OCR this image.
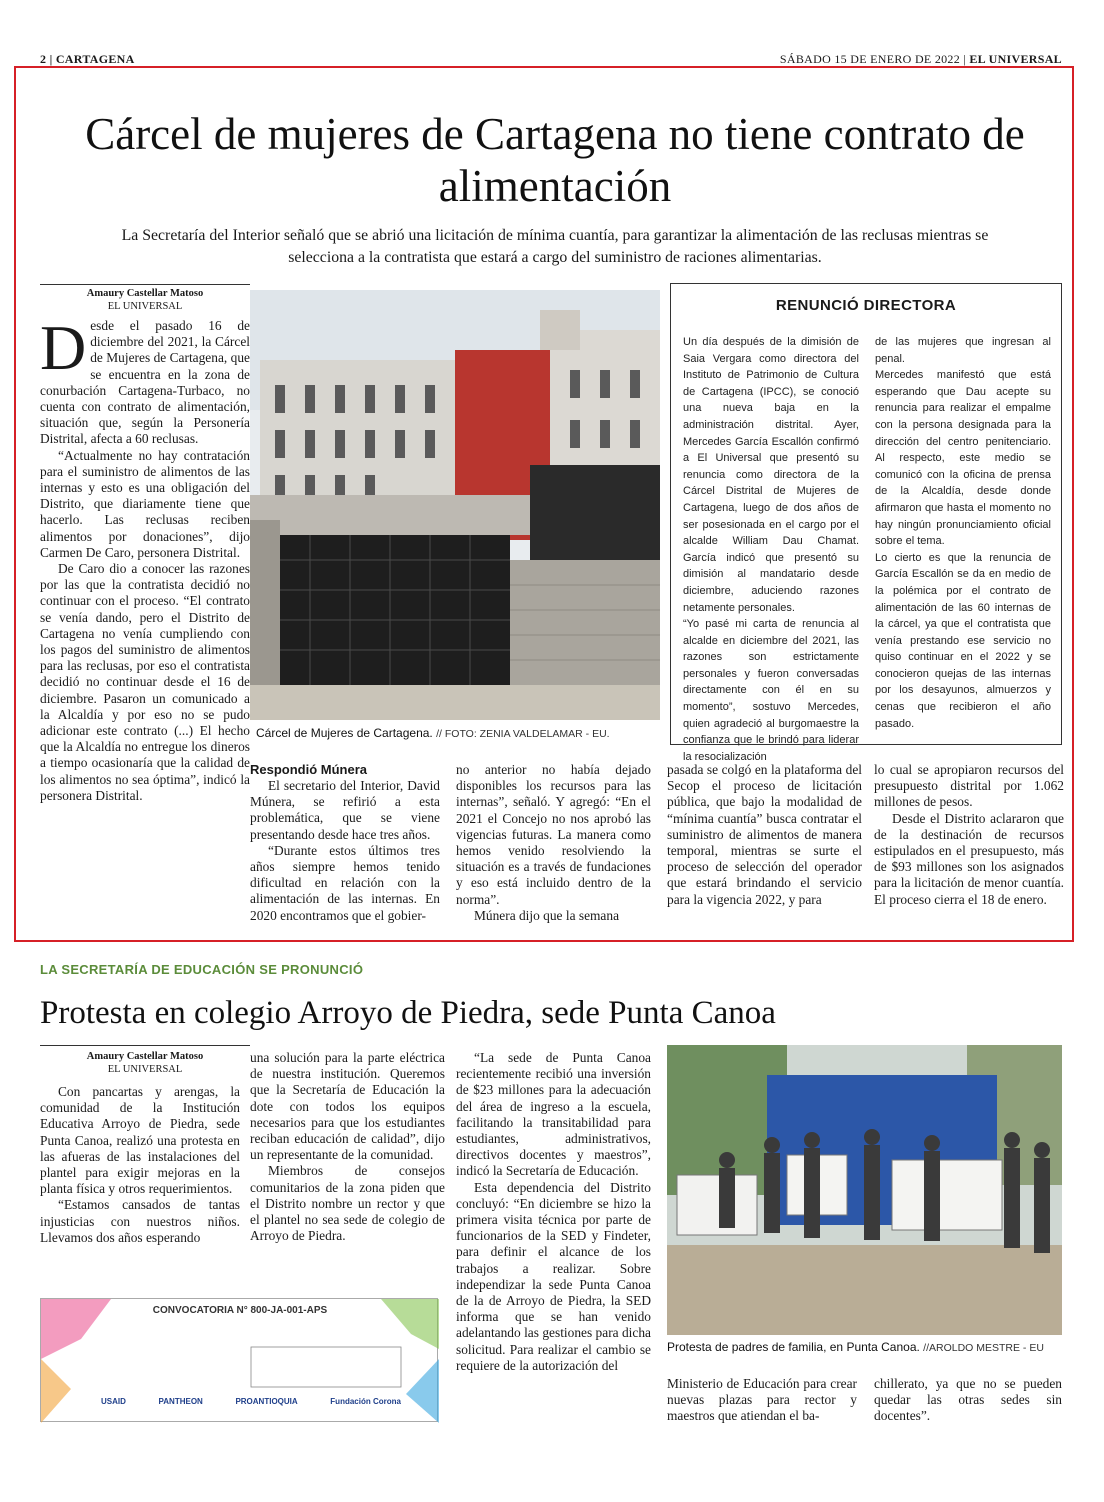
2 | CARTAGENA	SÁBADO 15 DE ENERO DE 2022 | EL UNIVERSAL
Cárcel de mujeres de Cartagena no tiene contrato de alimentación
La Secretaría del Interior señaló que se abrió una licitación de mínima cuantía, para garantizar la alimentación de las reclusas mientras se selecciona a la contratista que estará a cargo del suministro de raciones alimentarias.
Amaury Castellar Matoso
EL UNIVERSAL

Desde el pasado 16 de diciembre del 2021, la Cárcel de Mujeres de Cartagena, que se encuentra en la zona de conurbación Cartagena-Turbaco, no cuenta con contrato de alimentación, situación que, según la Personería Distrital, afecta a 60 reclusas.

“Actualmente no hay contratación para el suministro de alimentos de las internas y esto es una obligación del Distrito, que diariamente tiene que hacerlo. Las reclusas reciben alimentos por donaciones”, dijo Carmen De Caro, personera Distrital.

De Caro dio a conocer las razones por las que la contratista decidió no continuar con el proceso. “El contrato se venía dando, pero el Distrito de Cartagena no venía cumpliendo con los pagos del suministro de alimentos para las reclusas, por eso el contratista decidió no continuar desde el 16 de diciembre. Pasaron un comunicado a la Alcaldía y por eso no se pudo adicionar este contrato (...) El hecho que la Alcaldía no entregue los dineros a tiempo ocasionaría que la calidad de los alimentos no sea óptima”, indicó la personera Distrital.

Cárcel de Mujeres de Cartagena. // FOTO: ZENIA VALDELAMAR - EU.
RENUNCIÓ DIRECTORA

Un día después de la dimisión de Saia Vergara como directora del Instituto de Patrimonio de Cultura de Cartagena (IPCC), se conoció una nueva baja en la administración distrital. Ayer, Mercedes García Escallón confirmó a El Universal que presentó su renuncia como directora de la Cárcel Distrital de Mujeres de Cartagena, luego de dos años de ser posesionada en el cargo por el alcalde William Dau Chamat. García indicó que presentó su dimisión al mandatario desde diciembre, aduciendo razones netamente personales.

“Yo pasé mi carta de renuncia al alcalde en diciembre del 2021, las razones son estrictamente personales y fueron conversadas directamente con él en su momento”, sostuvo Mercedes, quien agradeció al burgomaestre la confianza que le brindó para liderar la resocialización

de las mujeres que ingresan al penal.

Mercedes manifestó que está esperando que Dau acepte su renuncia para realizar el empalme con la persona designada para la dirección del centro penitenciario. Al respecto, este medio se comunicó con la oficina de prensa de la Alcaldía, desde donde afirmaron que hasta el momento no hay ningún pronunciamiento oficial sobre el tema.

Lo cierto es que la renuncia de García Escallón se da en medio de la polémica por el contrato de alimentación de las 60 internas de la cárcel, ya que el contratista que venía prestando ese servicio no quiso continuar en el 2022 y se conocieron quejas de las internas por los desayunos, almuerzos y cenas que recibieron el año pasado.

Respondió Múnera

El secretario del Interior, David Múnera, se refirió a esta problemática, que se viene presentando desde hace tres años.

“Durante estos últimos tres años siempre hemos tenido dificultad en relación con la alimentación de las internas. En 2020 encontramos que el gobier-

no anterior no había dejado disponibles los recursos para las internas”, señaló. Y agregó: “En el 2021 el Concejo no nos aprobó las vigencias futuras. La manera como hemos venido resolviendo la situación es a través de fundaciones y eso está incluido dentro de la norma”.

Múnera dijo que la semana

pasada se colgó en la plataforma del Secop el proceso de licitación pública, que bajo la modalidad de “mínima cuantía” busca contratar el suministro de alimentos de manera temporal, mientras se surte el proceso de selección del operador que estará brindando el servicio para la vigencia 2022, y para

lo cual se apropiaron recursos del presupuesto distrital por 1.062 millones de pesos.

Desde el Distrito aclararon que de la destinación de recursos estipulados en el presupuesto, más de $93 millones son los asignados para la licitación de menor cuantía. El proceso cierra el 18 de enero.

LA SECRETARÍA DE EDUCACIÓN SE PRONUNCIÓ
Protesta en colegio Arroyo de Piedra, sede Punta Canoa
Amaury Castellar Matoso
EL UNIVERSAL

Con pancartas y arengas, la comunidad de la Institución Educativa Arroyo de Piedra, sede Punta Canoa, realizó una protesta en las afueras de las instalaciones del plantel para exigir mejoras en la planta física y otros requerimientos.

“Estamos cansados de tantas injusticias con nuestros niños. Llevamos dos años esperando

una solución para la parte eléctrica de nuestra institución. Queremos que la Secretaría de Educación la dote con todos los equipos necesarios para que los estudiantes reciban educación de calidad”, dijo un representante de la comunidad.

Miembros de consejos comunitarios de la zona piden que el Distrito nombre un rector y que el plantel no sea sede de colegio de Arroyo de Piedra.

“La sede de Punta Canoa recientemente recibió una inversión de $23 millones para la adecuación del área de ingreso a la escuela, facilitando la transitabilidad para estudiantes, administrativos, directivos docentes y maestros”, indicó la Secretaría de Educación.

Esta dependencia del Distrito concluyó: “En diciembre se hizo la primera visita técnica por parte de funcionarios de la SED y Findeter, para definir el alcance de los trabajos a realizar. Sobre independizar la sede Punta Canoa de la de Arroyo de Piedra, la SED informa que se han venido adelantando las gestiones para dicha solicitud. Para realizar el cambio se requiere de la autorización del

Protesta de padres de familia, en Punta Canoa. //AROLDO MESTRE - EU

Ministerio de Educación para crear nuevas plazas para rector y maestros que atiendan el ba-

chillerato, ya que no se pueden quedar las otras sedes sin docentes”.

CONVOCATORIA N° 800-JA-001-APS
USAID	PANTHEON	PROANTIOQUIA	Fundación Corona
